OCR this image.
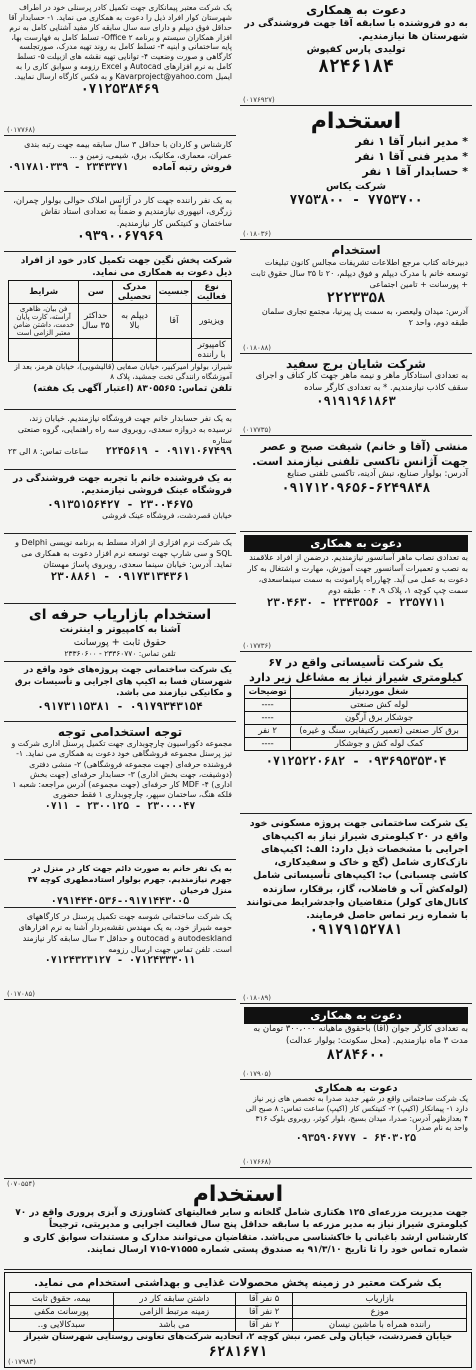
دعوت به همکاری
به دو فروشنده با سابقه آقا جهت فروشندگی در شهرستان ها نیازمندیم.
تولیدی پارس کفپوش
۸۲۴۶۱۸۴
(۰۱۷۶۹۲۷)
استخدام
* مدیر انبار آقا ۱ نفر
* مدیر فنی آقا ۱ نفر
* حسابدار آقا ۱ نفر
شرکت یکاس
۷۷۵۳۸۰۰ - ۷۷۵۳۷۰۰
(۰۱۸۰۳۶)
استخدام
دبیرخانه کتاب مرجع اطلاعات تشریفات مجالس کانون تبلیغات توسعه خانم با مدرک دیپلم و فوق دیپلم، ۲۰ تا ۳۵ سال حقوق ثابت + پورسانت + تامین اجتماعی
۲۲۲۳۳۵۸
آدرس: میدان ولیعصر، به سمت پل پیرنیا، مجتمع تجاری سلمان طبقه دوم، واحد ۲
(۰۱۸۰۸۸)
شرکت شایان برج سفید
به تعدادی استادکار ماهر و نیمه ماهر جهت کار کناف و اجرای سقف کاذب نیازمندیم. * به تعدادی کارگر ساده
۰۹۱۹۱۹۶۱۸۶۳
(۰۱۷۷۳۵)
منشی (آقا و خانم) شیفت صبح و عصر جهت آژانس تاکسی تلفنی نیازمند است.
آدرس: بولوار صنایع، نبش آدینه، تاکسی تلفنی صنایع
۰۹۱۷۱۲۰۹۶۵۶-۶۲۴۹۸۴۸
دعوت به همکاری
به تعدادی نصاب ماهر آسانسور نیازمندیم. درضمن از افراد علاقمند به نصب و تعمیرات آسانسور جهت آموزش، مهارت و اشتغال به کار دعوت به عمل می آید. چهارراه پارامونت به سمت سینماسعدی، سمت چپ کوچه ۱، پلاک ۹، ۰۰۴ طبقه دوم
۲۳۰۴۶۳۰ - ۲۳۴۳۵۵۶ - ۲۳۵۷۷۱۱
(۰۱۷۷۳۶)
یک شرکت تأسیساتی واقع در ۶۷ کیلومتری شیراز نیاز به مشاغل زیر دارد
شغل موردنیاز	توضیحات
لوله کش صنعتی	----
جوشکار برق آرگون	----
برق کار صنعتی (تعمیر رکتیفایر، سنگ و غیره)	۲ نفر
کمک لوله کش و جوشکار	----
۰۷۱۲۵۲۲۰۶۸۲ - ۰۹۳۶۹۵۳۵۳۰۴
یک شرکت ساختمانی جهت پروژه مسکونی خود واقع در ۲۰ کیلومتری شیراز نیاز به اکیپ‌های اجرایی با مشخصات ذیل دارد: الف: اکیپ‌های نازک‌کاری شامل (گچ و خاک و سفیدکاری، کاشی چسبانی) ب: اکیپ‌های تأسیساتی شامل (لوله‌کش آب و فاضلاب، گاز، برقکار، سازنده کانال‌های کولر) متقاضیان واجدشرایط می‌توانند با شماره زیر تماس حاصل فرمایند.
۰۹۱۷۹۱۵۲۷۸۱
(۰۱۸۰۸۹)
دعوت به همکاری
به تعدادی کارگر جوان (آقا) باحقوق ماهیانه ۳۰۰،۰۰۰ تومان به مدت ۳ ماه نیازمندیم. (محل سکونت: بولوار عدالت)
۸۲۸۴۶۰۰
(۰۱۷۹۰۵)
دعوت به همکاری
یک شرکت ساختمانی واقع در شهر جدید صدرا به تخصص های زیر نیاز دارد ۱- پیمانکار (اکیپ) ۲- کنیتکس کار (اکیپ) ساعت تماس: ۸ صبح الی ۴ بعدازظهر آدرس: صدرا، میدان بسیج، بلوار کوثر، روبروی بلوک ۳۱۶ واحد به نام صدرا
۰۹۳۵۹۰۶۷۷۷ - ۶۴۰۳۰۲۵
(۰۱۷۶۶۸)
یک شرکت معتبر پیمانکاری جهت تکمیل کادر پرسنلی خود در اطراف شهرستان کوار افراد ذیل را دعوت به همکاری می نماید. ۱- حسابدار آقا حداقل فوق دیپلم و دارای سه سال سابقه کار مفید آشنایی کامل به نرم افزار همکاران سیستم و برنامه Office ۲- تسلط کامل به فهارست بها، پایه ساختمانی و ابنیه ۳- تسلط کامل به روند تهیه مدرک، صورتجلسه کارگاهی و صورت وضعیت ۴- توانایی تهیه نقشه های ازبیلت ۵- تسلط کامل به نرم افزارهای Autocad و Excel رزومه و سوابق کاری را به ایمیل Kavarproject@yahoo.com و به فکس کارگاه ارسال نمایید.
۰۷۱۲۵۳۸۴۶۹
(۰۱۷۷۶۸)
کارشناس و کاردان با حداقل ۳ سال سابقه بیمه جهت رتبه بندی عمران، معماری، مکانیک، برق، شیمی، زمین و ...
فروش رتبه آماده
۰۹۱۷۸۱۰۳۳۹ - ۲۳۴۳۳۷۱
به یک نفر راننده جهت کار در آژانس املاک حوالی بولوار چمران، زرگری، انیهوری نیازمندیم و ضمناً به تعدادی استاد نقاش ساختمان و کنیتکس کار نیازمندیم.
۰۹۳۹۰۰۶۷۹۶۹
شرکت پخش نگین جهت تکمیل کادر خود از افراد ذیل دعوت به همکاری می نماید.
نوع فعالیت	جنسیت	مدرک تحصیلی	سن	شرایط
ویزیتور	آقا	دیپلم به بالا	حداکثر ۳۵ سال	فن بیان، ظاهری آراسته، کارت پایان خدمت، داشتن ضامن معتبر الزامی است
کامپیوتر با راننده				
شیراز، بولوار امیرکبیر، خیابان صفایی (قالیشویی)، خیابان هرمز، بعد از آموزشگاه رانندگی تخت جمشید، پلاک ۸
تلفن تماس: ۸۳۰۵۵۶۵ (اعتبار آگهی یک هفته)
به یک نفر حسابدار خانم جهت فروشگاه نیازمندیم. خیابان زند، نرسیده به دروازه سعدی، روبروی سه راه راهنمایی، گروه صنعتی ستاره
۲۲۴۵۶۱۹ - ۰۹۱۷۱۰۶۷۴۹۹
ساعات تماس: ۸ الی ۲۳
به یک فروشنده خانم با تجربه جهت فروشندگی در فروشگاه عینک فروشی نیازمندیم.
۰۹۱۳۵۱۵۶۴۲۷ - ۲۳۰۰۴۶۷۵
خیابان قصردشت، فروشگاه عینک فروشی
یک شرکت نرم افزاری از افراد مسلط به برنامه نویسی Delphi و SQL و سی شارپ جهت توسعه نرم افزار دعوت به همکاری می نماید. آدرس: خیابان سینما سعدی، روبروی پاساژ مهستان
۲۳۰۸۸۶۱ - ۰۹۱۷۳۱۳۴۳۶۱
استخدام بازاریاب حرفه ای
آشنا به کامپیوتر و اینترنت
حقوق ثابت + پورسانت
تلفن تماس: ۲۳۳۶۰۷۷۰ - ۲۳۳۶۰۶۰۰
یک شرکت ساختمانی جهت پروژه‌های خود واقع در شهرستان فسا به اکیپ های اجرایی و تأسیسات برق و مکانیکی نیازمند می باشد.
۰۹۱۷۳۱۱۵۳۸۱ - ۰۹۱۷۹۳۴۳۱۵۴
توجه استخدامی توجه
مجموعه دکوراسیون چارچوبداری جهت تکمیل پرسنل اداری شرکت و نیز پرسنل مجموعه فروشگاهی خود دعوت به همکاری می نماید. ۱- فروشنده حرفه‌ای (جهت مجموعه فروشگاهی) ۲- منشی دفتری (دوشیفت، جهت بخش اداری) ۳- حسابدار حرفه‌ای (جهت بخش اداری) ۴- MDF کار حرفه‌ای (جهت مجموعه) آدرس مراجعه: شعبه ۱ فلکه هنگ، ساختمان سپهر، چارچوبداری ۱ فقط حضوری
۰۷۱۱ - ۲۳۰۰۱۲۵ - ۲۳۰۰۰۰۴۷
به یک نفر خانم به صورت دائم جهت کار در منزل در جهرم نیازمندیم. جهرم بولوار استادمطهری کوچه ۳۷ منزل فرخیان
۰۷۹۱۴۴۴۰۵۳۶-۰۹۱۷۱۴۴۳۰۰۵
یک شرکت ساختمانی شوسه جهت تکمیل پرسنل در کارگاههای حومه شیراز خود، به یک مهندس نقشه‌بردار آشنا به نرم افزارهای autodeskland و outocad و حداقل ۳ سال سابقه کار نیازمند است. تلفن تماس جهت ارسال رزومه
۰۷۱۲۴۳۲۳۱۲۷ - ۰۷۱۲۴۳۳۳۰۱۱
(۰۱۷۰۸۵)
استخدام
جهت مدیریت مزرعه‌ای ۱۲۵ هکتاری شامل گلخانه و سایر فعالیتهای کشاورزی و آبزی پروری واقع در ۷۰ کیلومتری شیراز نیاز به مدیر مزرعه با سابقه حداقل پنج سال فعالیت اجرایی و مدیریتی، ترجیحاً کارشناس ارشد باغبانی یا خاکشناسی می‌باشد. متقاضیان می‌توانند مدارک و مستندات سوابق کاری و شماره تماس خود را تا تاریخ ۹۱/۳/۱۰ به صندوق پستی شماره ۷۱۵۵۵-۷۱۵ ارسال نمایند.
(۰۷۰۵۵۴)
یک شرکت معتبر در زمینه پخش محصولات غذایی و بهداشتی استخدام می نماید.
بازاریاب	۵ نفر آقا	داشتن سابقه کار در	بیمه، حقوق ثابت
موزع	۲ نفر آقا	زمینه مرتبط الزامی	پورسانت مکفی
راننده همراه با ماشین نیسان	۲ نفر آقا	می باشد	سبدکالایی و..
خیابان قصردشت، خیابان ولی عصر، نبش کوچه ۲، اتحادیه شرکت‌های تعاونی روستایی شهرستان شیراز
۶۲۸۱۶۷۱
(۰۱۷۹۸۳)
